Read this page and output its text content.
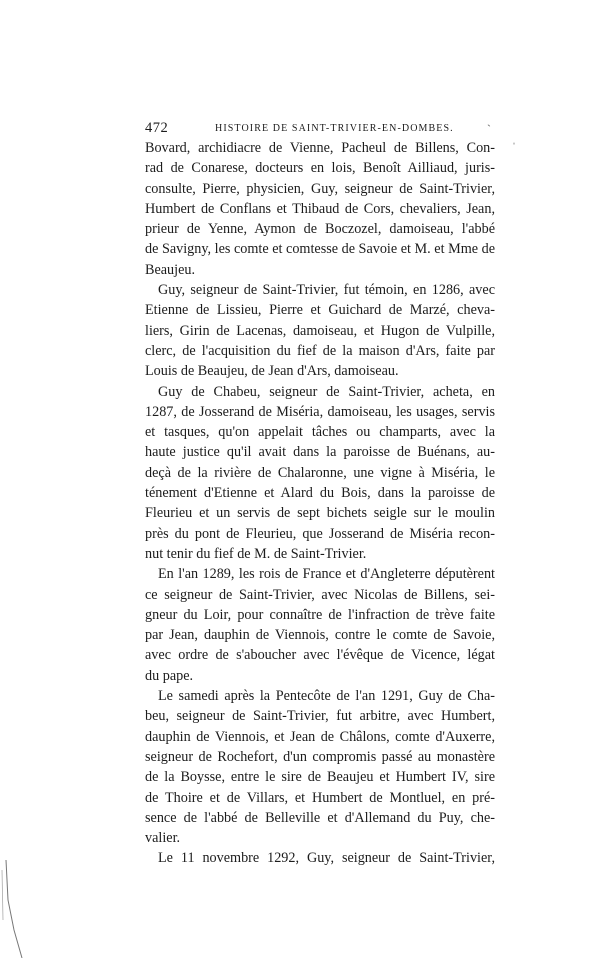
472	HISTOIRE DE SAINT-TRIVIER-EN-DOMBES.
Bovard, archidiacre de Vienne, Pacheul de Billens, Con-
rad de Conarese, docteurs en lois, Benoît Ailliaud, juris-
consulte, Pierre, physicien, Guy, seigneur de Saint-Trivier,
Humbert de Conflans et Thibaud de Cors, chevaliers, Jean,
prieur de Yenne, Aymon de Boczozel, damoiseau, l'abbé
de Savigny, les comte et comtesse de Savoie et M. et Mme de
Beaujeu.
Guy, seigneur de Saint-Trivier, fut témoin, en 1286, avec
Etienne de Lissieu, Pierre et Guichard de Marzé, cheva-
liers, Girin de Lacenas, damoiseau, et Hugon de Vulpille,
clerc, de l'acquisition du fief de la maison d'Ars, faite par
Louis de Beaujeu, de Jean d'Ars, damoiseau.
Guy de Chabeu, seigneur de Saint-Trivier, acheta, en
1287, de Josserand de Miséria, damoiseau, les usages, servis
et tasques, qu'on appelait tâches ou champarts, avec la
haute justice qu'il avait dans la paroisse de Buénans, au-
deçà de la rivière de Chalaronne, une vigne à Miséria, le
ténement d'Etienne et Alard du Bois, dans la paroisse de
Fleurieu et un servis de sept bichets seigle sur le moulin
près du pont de Fleurieu, que Josserand de Miséria recon-
nut tenir du fief de M. de Saint-Trivier.
En l'an 1289, les rois de France et d'Angleterre députèrent
ce seigneur de Saint-Trivier, avec Nicolas de Billens, sei-
gneur du Loir, pour connaître de l'infraction de trève faite
par Jean, dauphin de Viennois, contre le comte de Savoie,
avec ordre de s'aboucher avec l'évêque de Vicence, légat
du pape.
Le samedi après la Pentecôte de l'an 1291, Guy de Cha-
beu, seigneur de Saint-Trivier, fut arbitre, avec Humbert,
dauphin de Viennois, et Jean de Châlons, comte d'Auxerre,
seigneur de Rochefort, d'un compromis passé au monastère
de la Boysse, entre le sire de Beaujeu et Humbert IV, sire
de Thoire et de Villars, et Humbert de Montluel, en pré-
sence de l'abbé de Belleville et d'Allemand du Puy, che-
valier.
Le 11 novembre 1292, Guy, seigneur de Saint-Trivier,
ˋ
ˈ
